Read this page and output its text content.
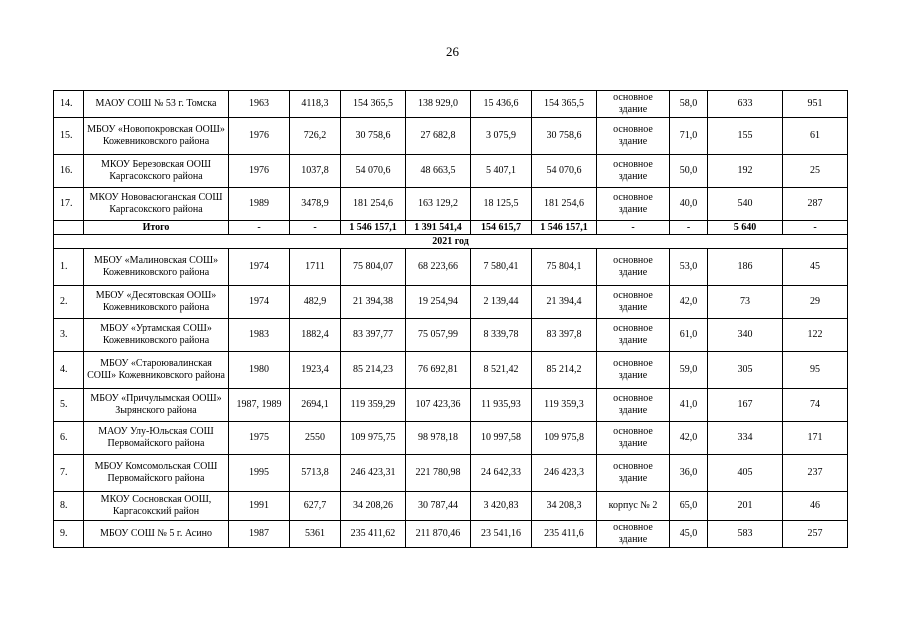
26
14.	МАОУ СОШ № 53 г. Томска	1963	4118,3	154 365,5	138 929,0	15 436,6	154 365,5	основное здание	58,0	633	951
15.	МБОУ «Новопокровская ООШ» Кожевниковского района	1976	726,2	30 758,6	27 682,8	3 075,9	30 758,6	основное здание	71,0	155	61
16.	МКОУ Березовская ООШ Каргасокского района	1976	1037,8	54 070,6	48 663,5	5 407,1	54 070,6	основное здание	50,0	192	25
17.	МКОУ Нововасюганская СОШ Каргасокского района	1989	3478,9	181 254,6	163 129,2	18 125,5	181 254,6	основное здание	40,0	540	287
	Итого	-	-	1 546 157,1	1 391 541,4	154 615,7	1 546 157,1	-	-	5 640	-
2021 год											
1.	МБОУ «Малиновская СОШ» Кожевниковского района	1974	1711	75 804,07	68 223,66	7 580,41	75 804,1	основное здание	53,0	186	45
2.	МБОУ «Десятовская ООШ» Кожевниковского района	1974	482,9	21 394,38	19 254,94	2 139,44	21 394,4	основное здание	42,0	73	29
3.	МБОУ «Уртамская СОШ» Кожевниковского района	1983	1882,4	83 397,77	75 057,99	8 339,78	83 397,8	основное здание	61,0	340	122
4.	МБОУ «Староювалинская СОШ» Кожевниковского района	1980	1923,4	85 214,23	76 692,81	8 521,42	85 214,2	основное здание	59,0	305	95
5.	МБОУ «Причулымская ООШ» Зырянского района	1987, 1989	2694,1	119 359,29	107 423,36	11 935,93	119 359,3	основное здание	41,0	167	74
6.	МАОУ Улу-Юльская СОШ Первомайского района	1975	2550	109 975,75	98 978,18	10 997,58	109 975,8	основное здание	42,0	334	171
7.	МБОУ Комсомольская СОШ Первомайского района	1995	5713,8	246 423,31	221 780,98	24 642,33	246 423,3	основное здание	36,0	405	237
8.	МКОУ Сосновская ООШ, Каргасокский район	1991	627,7	34 208,26	30 787,44	3 420,83	34 208,3	корпус № 2	65,0	201	46
9.	МБОУ СОШ № 5 г. Асино	1987	5361	235 411,62	211 870,46	23 541,16	235 411,6	основное здание	45,0	583	257
